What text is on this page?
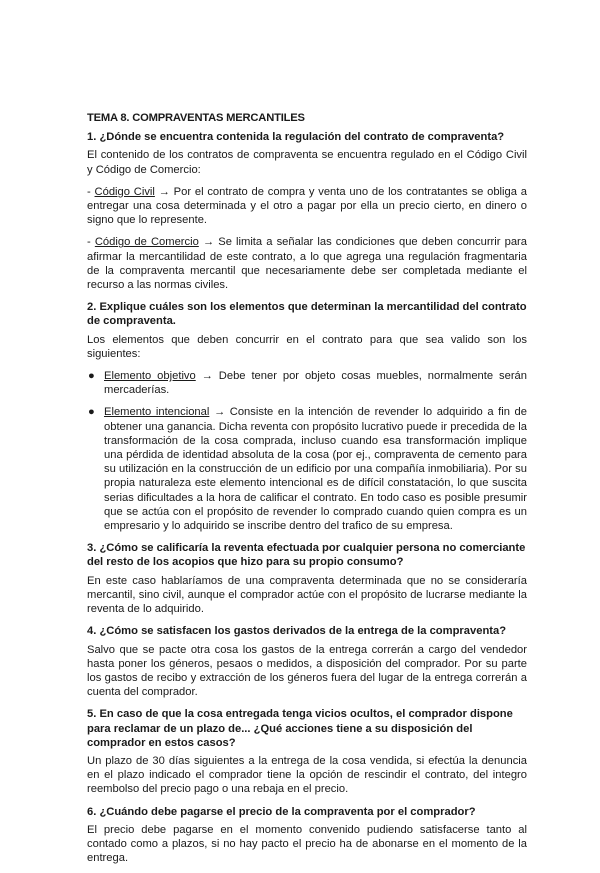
TEMA 8. COMPRAVENTAS MERCANTILES
1. ¿Dónde se encuentra contenida la regulación del contrato de compraventa?
El contenido de los contratos de compraventa se encuentra regulado en el Código Civil y Código de Comercio:
- Código Civil → Por el contrato de compra y venta uno de los contratantes se obliga a entregar una cosa determinada y el otro a pagar por ella un precio cierto, en dinero o signo que lo represente.
- Código de Comercio → Se limita a señalar las condiciones que deben concurrir para afirmar la mercantilidad de este contrato, a lo que agrega una regulación fragmentaria de la compraventa mercantil que necesariamente debe ser completada mediante el recurso a las normas civiles.
2. Explique cuáles son los elementos que determinan la mercantilidad del contrato de compraventa.
Los elementos que deben concurrir en el contrato para que sea valido son los siguientes:
● Elemento objetivo → Debe tener por objeto cosas muebles, normalmente serán mercaderías.
● Elemento intencional → Consiste en la intención de revender lo adquirido a fin de obtener una ganancia. Dicha reventa con propósito lucrativo puede ir precedida de la transformación de la cosa comprada, incluso cuando esa transformación implique una pérdida de identidad absoluta de la cosa (por ej., compraventa de cemento para su utilización en la construcción de un edificio por una compañía inmobiliaria). Por su propia naturaleza este elemento intencional es de difícil constatación, lo que suscita serias dificultades a la hora de calificar el contrato. En todo caso es posible presumir que se actúa con el propósito de revender lo comprado cuando quien compra es un empresario y lo adquirido se inscribe dentro del trafico de su empresa.
3. ¿Cómo se calificaría la reventa efectuada por cualquier persona no comerciante del resto de los acopios que hizo para su propio consumo?
En este caso hablaríamos de una compraventa determinada que no se consideraría mercantil, sino civil, aunque el comprador actúe con el propósito de lucrarse mediante la reventa de lo adquirido.
4. ¿Cómo se satisfacen los gastos derivados de la entrega de la compraventa?
Salvo que se pacte otra cosa los gastos de la entrega correrán a cargo del vendedor hasta poner los géneros, pesaos o medidos, a disposición del comprador. Por su parte los gastos de recibo y extracción de los géneros fuera del lugar de la entrega correrán a cuenta del comprador.
5. En caso de que la cosa entregada tenga vicios ocultos, el comprador dispone para reclamar de un plazo de... ¿Qué acciones tiene a su disposición del comprador en estos casos?
Un plazo de 30 días siguientes a la entrega de la cosa vendida, si efectúa la denuncia en el plazo indicado el comprador tiene la opción de rescindir el contrato, del integro reembolso del precio pago o una rebaja en el precio.
6. ¿Cuándo debe pagarse el precio de la compraventa por el comprador?
El precio debe pagarse en el momento convenido pudiendo satisfacerse tanto al contado como a plazos, si no hay pacto el precio ha de abonarse en el momento de la entrega.
